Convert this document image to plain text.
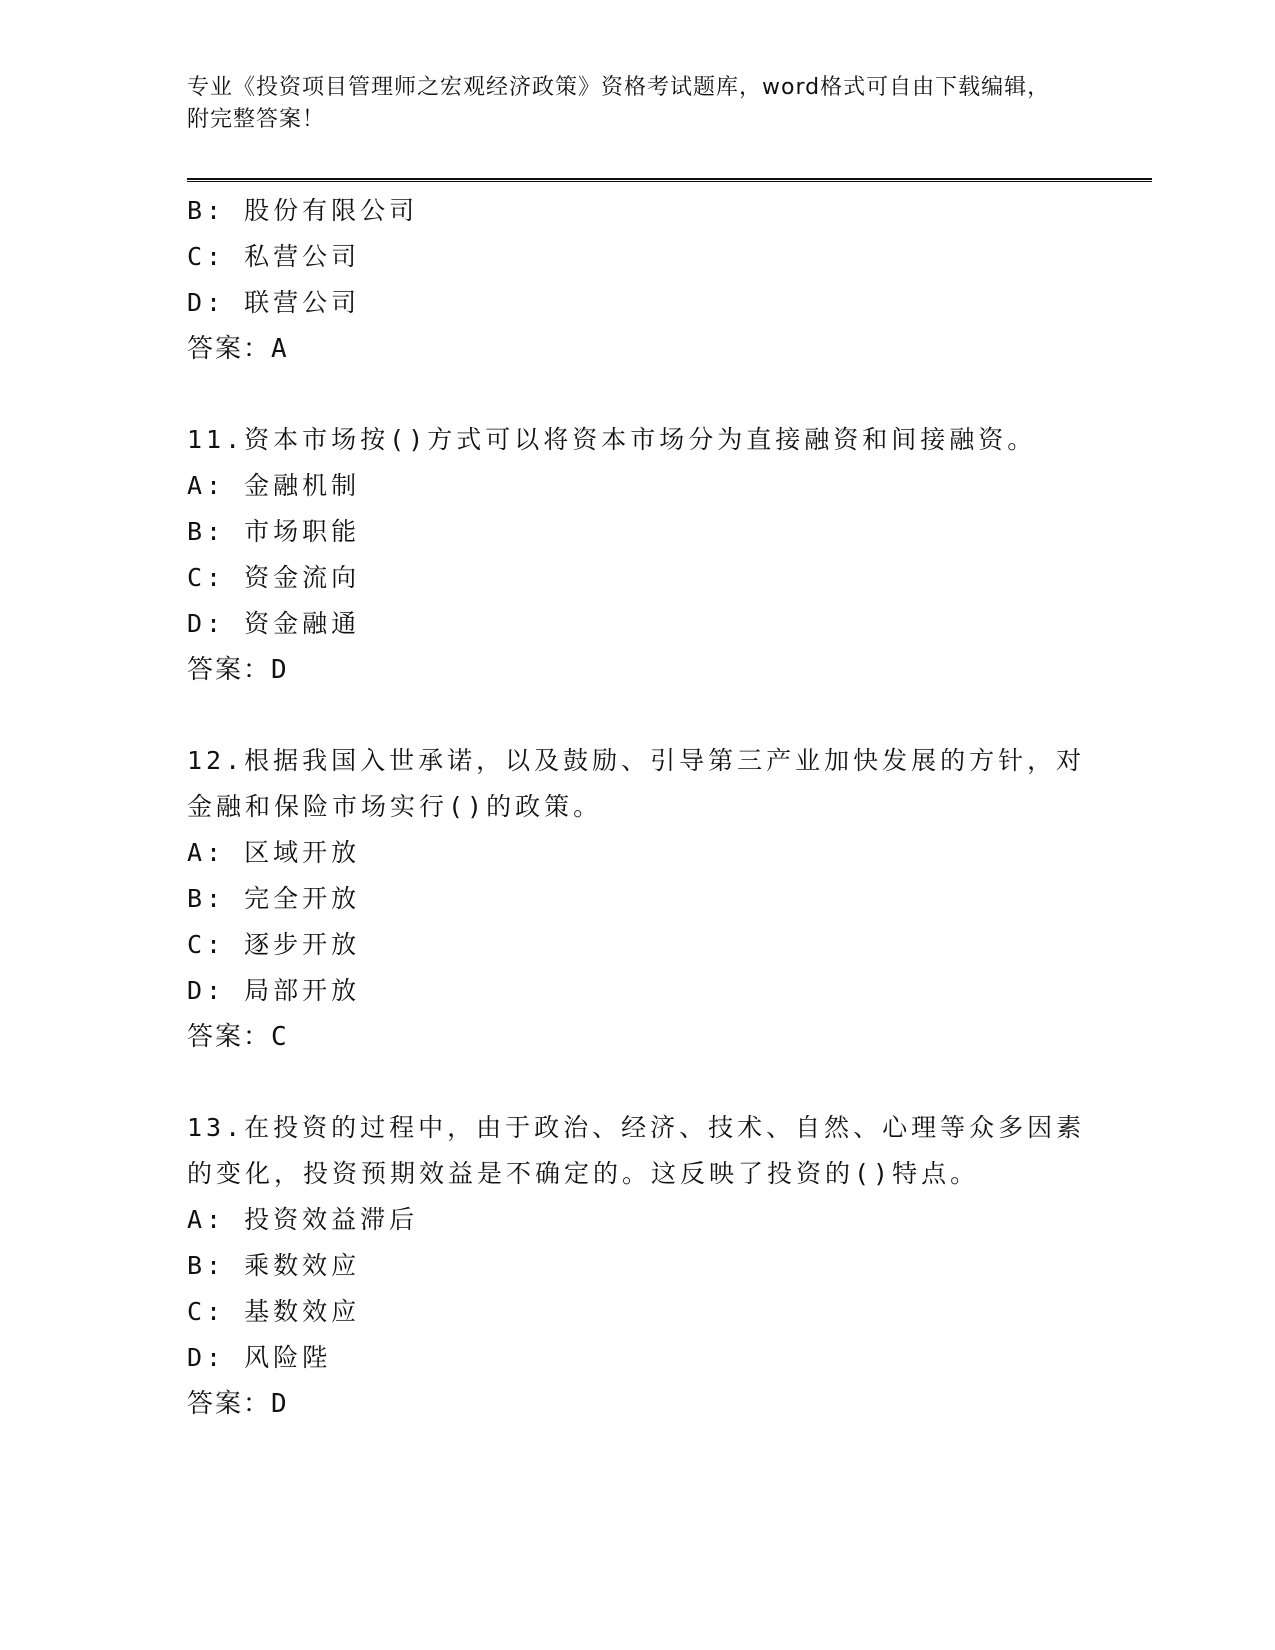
专业《投资项目管理师之宏观经济政策》资格考试题库，word格式可自由下载编辑，附完整答案！
B: 股份有限公司
C: 私营公司
D: 联营公司
答案：A
11.资本市场按()方式可以将资本市场分为直接融资和间接融资。
A: 金融机制
B: 市场职能
C: 资金流向
D: 资金融通
答案：D
12.根据我国入世承诺，以及鼓励、引导第三产业加快发展的方针，对金融和保险市场实行()的政策。
A: 区域开放
B: 完全开放
C: 逐步开放
D: 局部开放
答案：C
13.在投资的过程中，由于政治、经济、技术、自然、心理等众多因素的变化，投资预期效益是不确定的。这反映了投资的()特点。
A: 投资效益滞后
B: 乘数效应
C: 基数效应
D: 风险陛
答案：D
